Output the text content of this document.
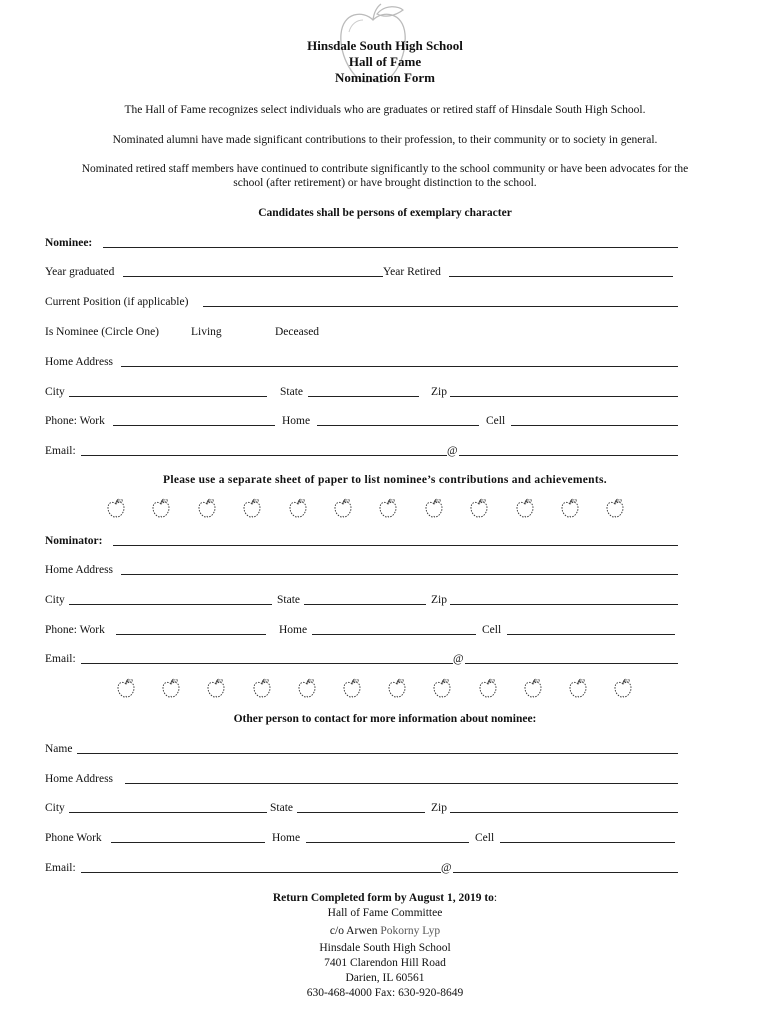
Hinsdale South High School
Hall of Fame
Nomination Form
The Hall of Fame recognizes select individuals who are graduates or retired staff of Hinsdale South High School.
Nominated alumni have made significant contributions to their profession, to their community or to society in general.
Nominated retired staff members have continued to contribute significantly to the school community or have been advocates for the
school (after retirement) or have brought distinction to the school.
Candidates shall be persons of exemplary character
Nominee:
Year graduated	Year Retired
Current Position (if applicable)
Is Nominee (Circle One)	Living	Deceased
Home Address
City	State	Zip
Phone: Work	Home	Cell
Email:	@
Please use a separate sheet of paper to list nominee’s contributions and achievements.
Nominator:
Home Address
City	State	Zip
Phone: Work	Home	Cell
Email:	@
Other person to contact for more information about nominee:
Name
Home Address
City	State	Zip
Phone Work	Home	Cell
Email:	@
Return Completed form by August 1, 2019 to:
Hall of Fame Committee
c/o Arwen Pokorny Lyp
Hinsdale South High School
7401 Clarendon Hill Road
Darien, IL 60561
630-468-4000 Fax: 630-920-8649
